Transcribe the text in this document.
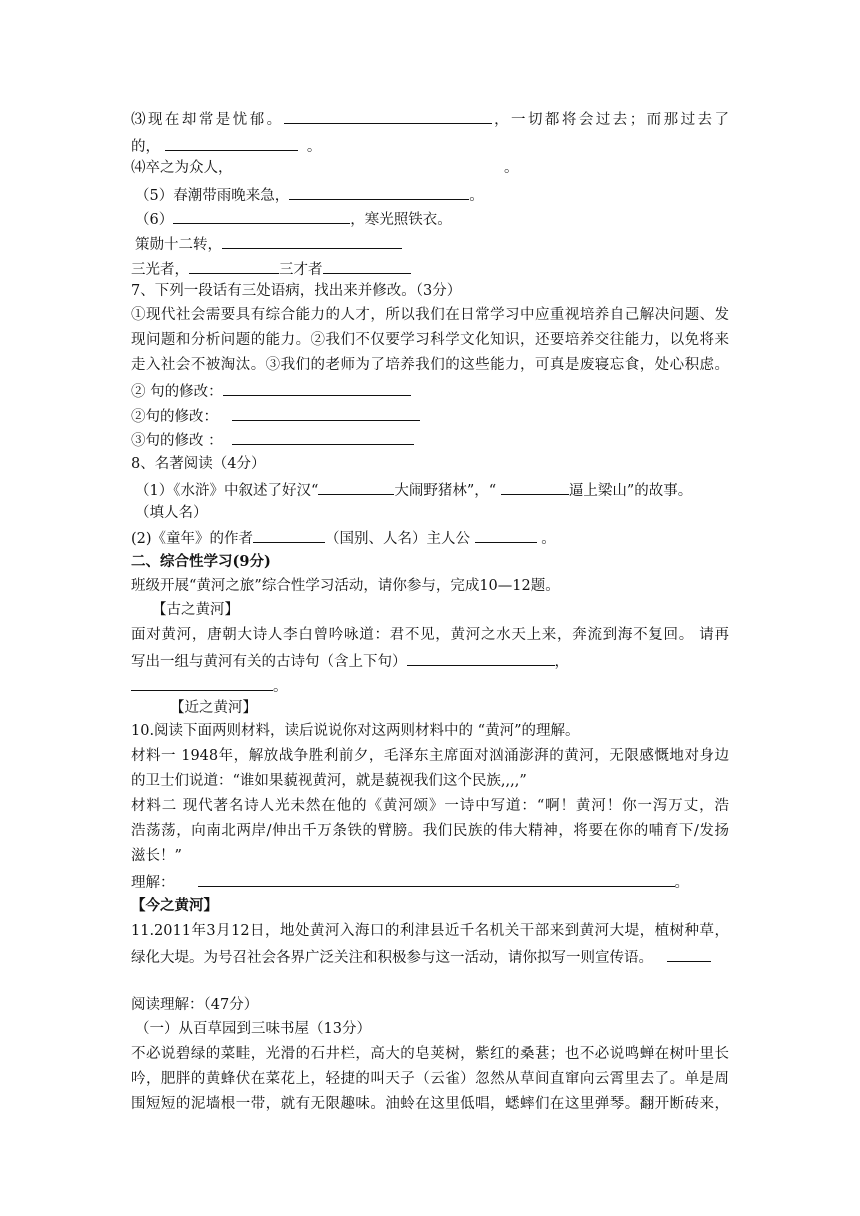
⑶现在却常是忧郁。	，一切都将会过去；而那过去了
的，	。
⑷卒之为众人，	。
（5）春潮带雨晚来急，	。
（6）	，寒光照铁衣。
策勋十二转，
三光者，	三才者
7、下列一段话有三处语病，找出来并修改。（3分）
①现代社会需要具有综合能力的人才，所以我们在日常学习中应重视培养自己解决问题、发
现问题和分析问题的能力。②我们不仅要学习科学文化知识，还要培养交往能力，以免将来
走入社会不被淘汰。③我们的老师为了培养我们的这些能力，可真是废寝忘食，处心积虑。
② 句的修改：
②句的修改：
③句的修改 ：
8、名著阅读（4分）
（1）《水浒》中叙述了好汉“	大闹野猪林”，“	逼上梁山”的故事。
（填人名）
(2)《童年》的作者	（国别、人名）主人公	。
二、综合性学习(9分)
班级开展“黄河之旅”综合性学习活动，请你参与，完成10—12题。
【古之黄河】
面对黄河，唐朝大诗人李白曾吟咏道：君不见，黄河之水天上来，奔流到海不复回。 请再
写出一组与黄河有关的古诗句（含上下句）	，
。
【近之黄河】
10.阅读下面两则材料，读后说说你对这两则材料中的 “黄河”的理解。
材料一 1948年，解放战争胜利前夕，毛泽东主席面对汹涌澎湃的黄河，无限感慨地对身边
的卫士们说道：“谁如果藐视黄河，就是藐视我们这个民族,,,,”
材料二 现代著名诗人光未然在他的《黄河颂》一诗中写道：“啊！黄河！你一泻万丈，浩
浩荡荡，向南北两岸/伸出千万条铁的臂膀。我们民族的伟大精神，将要在你的哺育下/发扬
滋长！”
理解：	。
【今之黄河】
11.2011年3月12日，地处黄河入海口的利津县近千名机关干部来到黄河大堤，植树种草，
绿化大堤。为号召社会各界广泛关注和积极参与这一活动，请你拟写一则宣传语。
阅读理解：（47分）
（一）从百草园到三味书屋（13分）
不必说碧绿的菜畦，光滑的石井栏，高大的皂荚树，紫红的桑葚；也不必说鸣蝉在树叶里长
吟，肥胖的黄蜂伏在菜花上，轻捷的叫天子（云雀）忽然从草间直窜向云霄里去了。单是周
围短短的泥墙根一带，就有无限趣味。油蛉在这里低唱，蟋蟀们在这里弹琴。翻开断砖来，
